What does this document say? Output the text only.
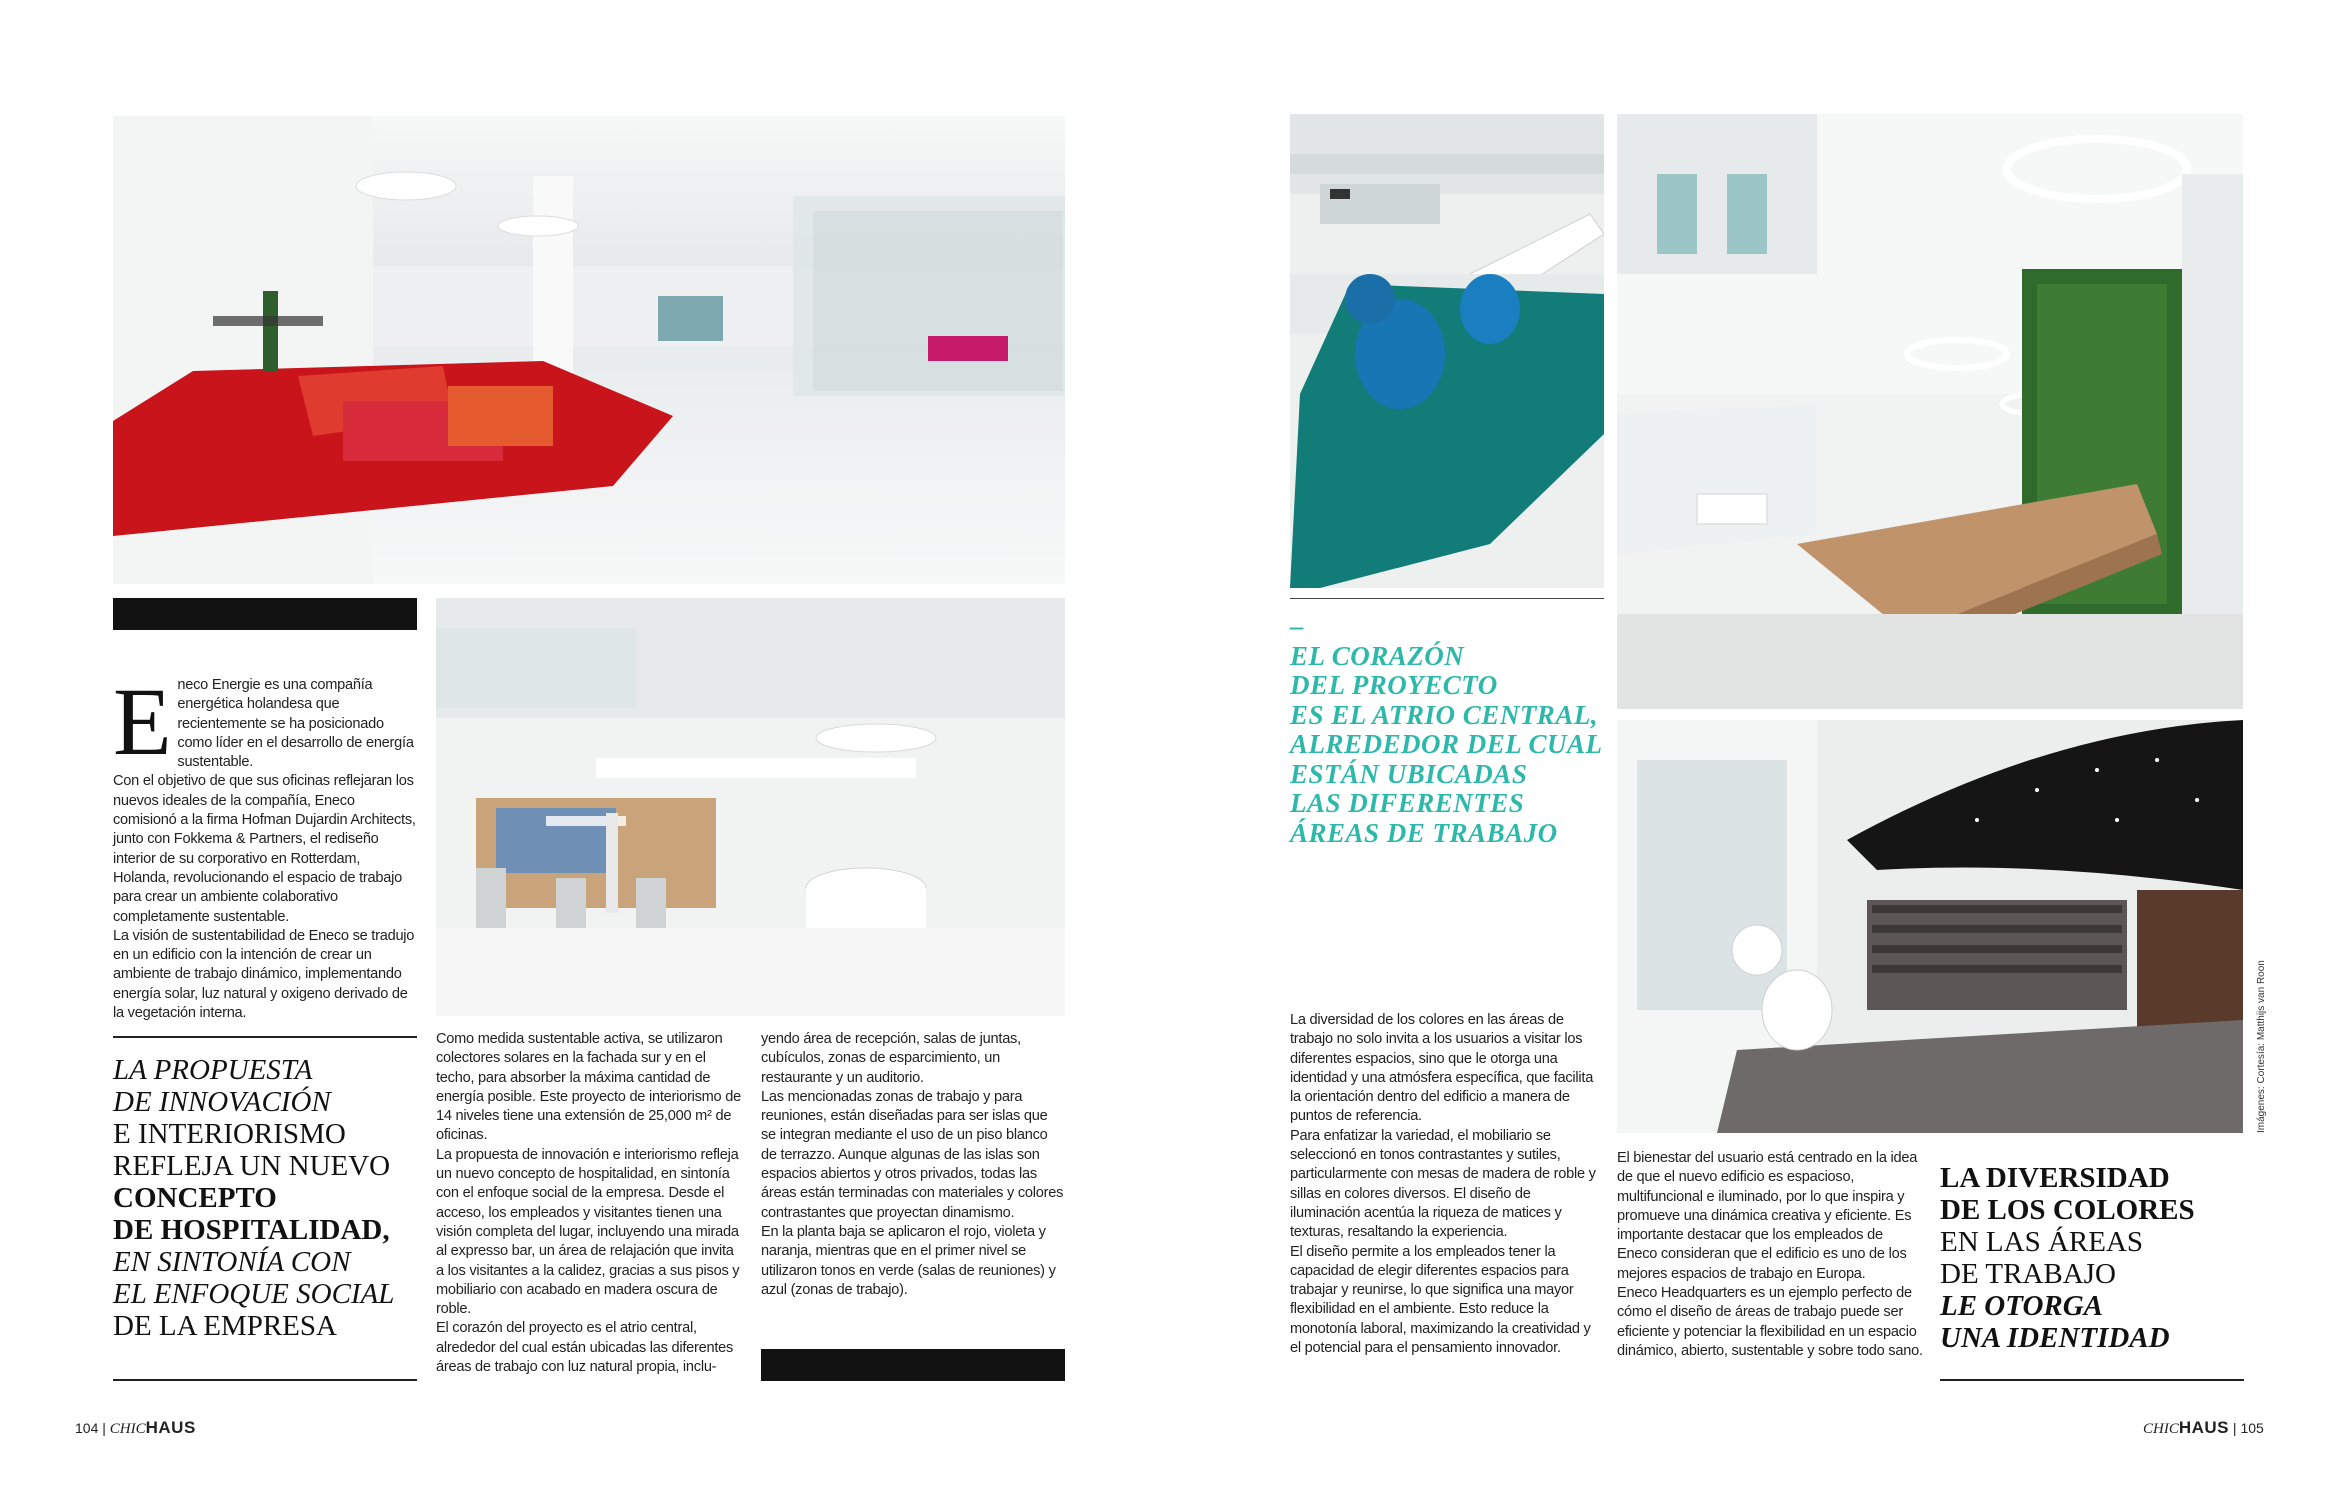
Eneco Energie es una compañía energética holandesa que recientemente se ha posicionado como líder en el desarrollo de energía sustentable.

Con el objetivo de que sus oficinas reflejaran los nuevos ideales de la compañía, Eneco comisionó a la firma Hofman Dujardin Architects, junto con Fokkema & Partners, el rediseño interior de su corporativo en Rotterdam, Holanda, revolucionando el espacio de trabajo para crear un ambiente colaborativo completamente sustentable.

La visión de sustentabilidad de Eneco se tradujo en un edificio con la intención de crear un ambiente de trabajo dinámico, implementando energía solar, luz natural y oxigeno derivado de la vegetación interna.

LA PROPUESTA
DE INNOVACIÓN
E INTERIORISMO
REFLEJA UN NUEVO
CONCEPTO
DE HOSPITALIDAD,
EN SINTONÍA CON
EL ENFOQUE SOCIAL
DE LA EMPRESA

Como medida sustentable activa, se utilizaron colectores solares en la fachada sur y en el techo, para absorber la máxima cantidad de energía posible. Este proyecto de interiorismo de 14 niveles tiene una extensión de 25,000 m² de oficinas.

La propuesta de innovación e interiorismo refleja un nuevo concepto de hospitalidad, en sintonía con el enfoque social de la empresa. Desde el acceso, los empleados y visitantes tienen una visión completa del lugar, incluyendo una mirada al expresso bar, un área de relajación que invita a los visitantes a la calidez, gracias a sus pisos y mobiliario con acabado en madera oscura de roble.

El corazón del proyecto es el atrio central, alrededor del cual están ubicadas las diferentes áreas de trabajo con luz natural propia, inclu-

yendo área de recepción, salas de juntas, cubículos, zonas de esparcimiento, un restaurante y un auditorio.

Las mencionadas zonas de trabajo y para reuniones, están diseñadas para ser islas que se integran mediante el uso de un piso blanco de terrazzo. Aunque algunas de las islas son espacios abiertos y otros privados, todas las áreas están terminadas con materiales y colores contrastantes que proyectan dinamismo.

En la planta baja se aplicaron el rojo, violeta y naranja, mientras que en el primer nivel se utilizaron tonos en verde (salas de reuniones) y azul (zonas de trabajo).

104 | CHICHAUS
–
EL CORAZÓN
DEL PROYECTO
ES EL ATRIO CENTRAL,
ALREDEDOR DEL CUAL
ESTÁN UBICADAS
LAS DIFERENTES
ÁREAS DE TRABAJO

La diversidad de los colores en las áreas de trabajo no solo invita a los usuarios a visitar los diferentes espacios, sino que le otorga una identidad y una atmósfera específica, que facilita la orientación dentro del edificio a manera de puntos de referencia.

Para enfatizar la variedad, el mobiliario se seleccionó en tonos contrastantes y sutiles, particularmente con mesas de madera de roble y sillas en colores diversos. El diseño de iluminación acentúa la riqueza de matices y texturas, resaltando la experiencia.

El diseño permite a los empleados tener la capacidad de elegir diferentes espacios para trabajar y reunirse, lo que significa una mayor flexibilidad en el ambiente. Esto reduce la monotonía laboral, maximizando la creatividad y el potencial para el pensamiento innovador.

El bienestar del usuario está centrado en la idea de que el nuevo edificio es espacioso, multifuncional e iluminado, por lo que inspira y promueve una dinámica creativa y eficiente. Es importante destacar que los empleados de Eneco consideran que el edificio es uno de los mejores espacios de trabajo en Europa.

Eneco Headquarters es un ejemplo perfecto de cómo el diseño de áreas de trabajo puede ser eficiente y potenciar la flexibilidad en un espacio dinámico, abierto, sustentable y sobre todo sano.

LA DIVERSIDAD
DE LOS COLORES
EN LAS ÁREAS
DE TRABAJO
LE OTORGA
UNA IDENTIDAD
Imágenes: Cortesía: Matthijs van Roon
CHICHAUS | 105
